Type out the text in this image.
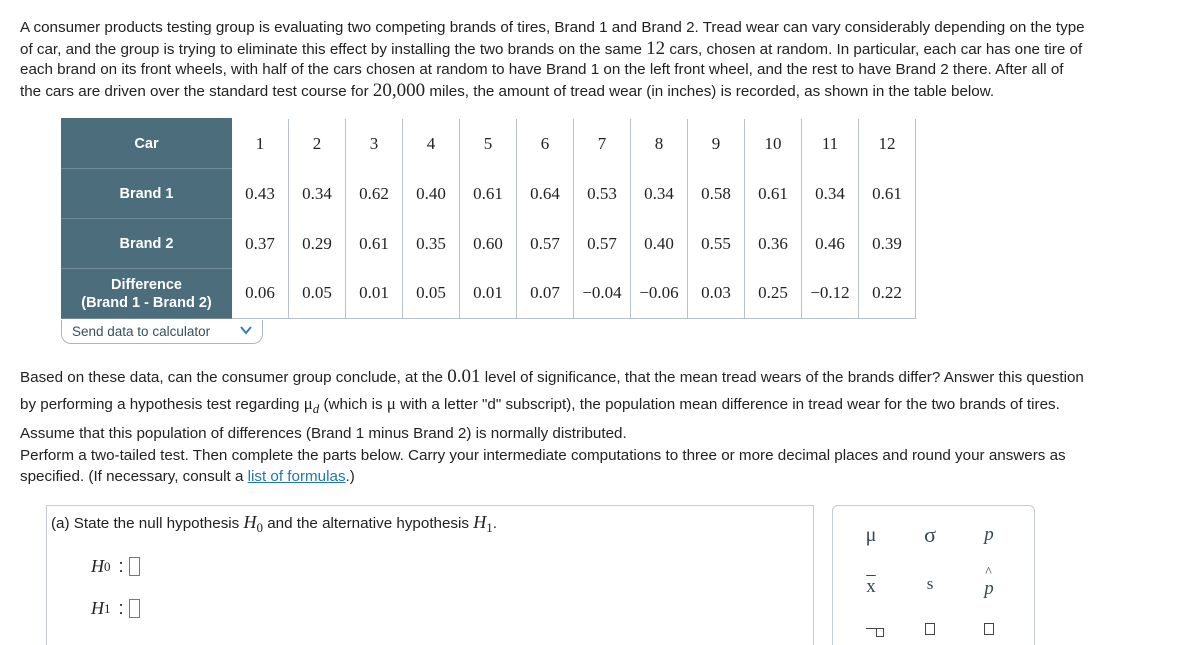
A consumer products testing group is evaluating two competing brands of tires, Brand 1 and Brand 2. Tread wear can vary considerably depending on the type

of car, and the group is trying to eliminate this effect by installing the two brands on the same 12 cars, chosen at random. In particular, each car has one tire of

each brand on its front wheels, with half of the cars chosen at random to have Brand 1 on the left front wheel, and the rest to have Brand 2 there. After all of

the cars are driven over the standard test course for 20,000 miles, the amount of tread wear (in inches) is recorded, as shown in the table below.

Car	1	2	3	4	5	6	7	8	9	10	11	12
Brand 1	0.43	0.34	0.62	0.40	0.61	0.64	0.53	0.34	0.58	0.61	0.34	0.61
Brand 2	0.37	0.29	0.61	0.35	0.60	0.57	0.57	0.40	0.55	0.36	0.46	0.39

Difference
(Brand 1 - Brand 2)	0.06	0.05	0.01	0.05	0.01	0.07	−0.04	−0.06	0.03	0.25	−0.12	0.22
Send data to calculator

Based on these data, can the consumer group conclude, at the 0.01 level of significance, that the mean tread wears of the brands differ? Answer this question

by performing a hypothesis test regarding $\mu_d$ (which is μ with a letter "d" subscript), the population mean difference in tread wear for the two brands of tires.

Assume that this population of differences (Brand 1 minus Brand 2) is normally distributed.

Perform a two-tailed test. Then complete the parts below. Carry your intermediate computations to three or more decimal places and round your answers as

specified. (If necessary, consult a list of formulas.)

(a) State the null hypothesis $H_0$ and the alternative hypothesis $H_1$.
H 0 :
H 1 :
μ	σ	p
$\overline{x}$	s
^
p
